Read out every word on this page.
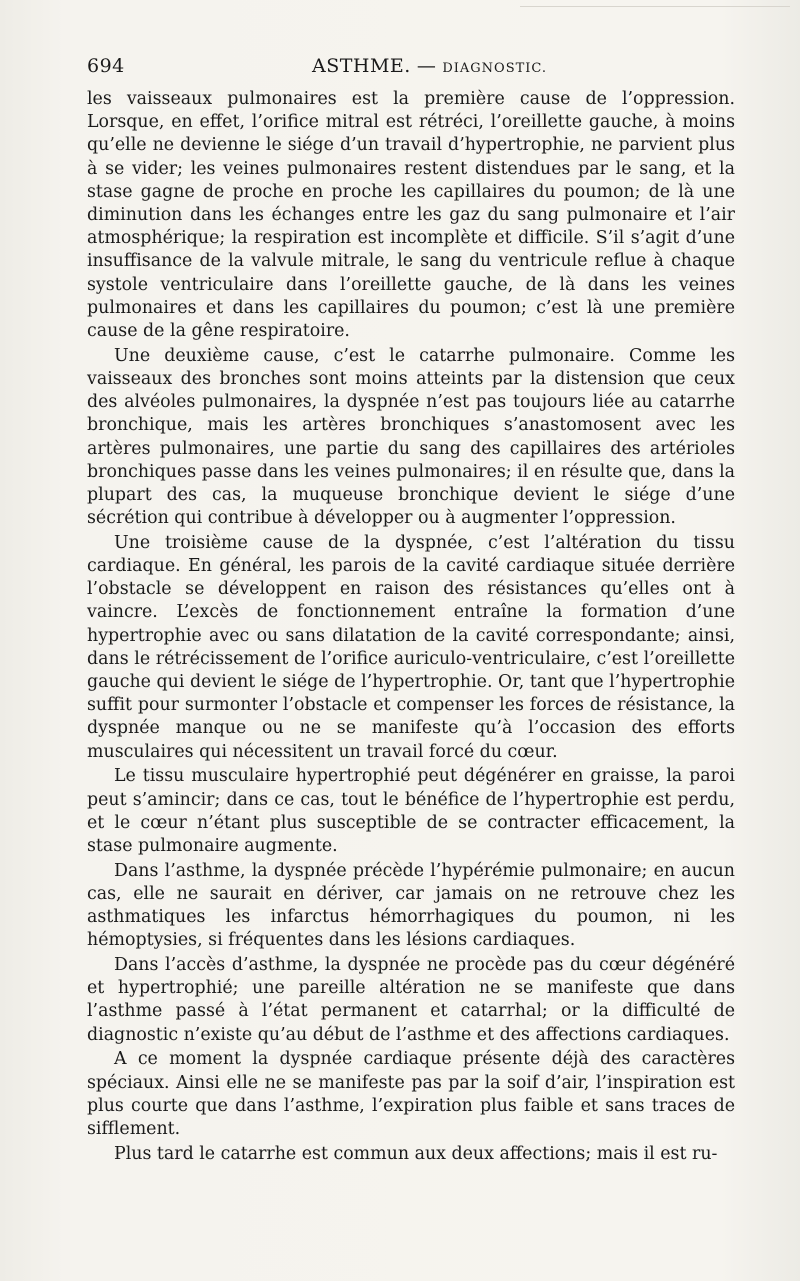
694	ASTHME. — DIAGNOSTIC.

les vaisseaux pulmonaires est la première cause de l’oppression. Lorsque, en effet, l’orifice mitral est rétréci, l’oreillette gauche, à moins qu’elle ne devienne le siége d’un travail d’hypertrophie, ne parvient plus à se vider; les veines pulmonaires restent distendues par le sang, et la stase gagne de proche en proche les capillaires du poumon; de là une diminution dans les échanges entre les gaz du sang pulmonaire et l’air atmosphérique; la respiration est incomplète et difficile. S’il s’agit d’une insuffisance de la valvule mitrale, le sang du ventricule reflue à chaque systole ventriculaire dans l’oreillette gauche, de là dans les veines pulmonaires et dans les capillaires du poumon; c’est là une première cause de la gêne respiratoire.

Une deuxième cause, c’est le catarrhe pulmonaire. Comme les vaisseaux des bronches sont moins atteints par la distension que ceux des alvéoles pulmonaires, la dyspnée n’est pas toujours liée au catarrhe bronchique, mais les artères bronchiques s’anastomosent avec les artères pulmonaires, une partie du sang des capillaires des artérioles bronchiques passe dans les veines pulmonaires; il en résulte que, dans la plupart des cas, la muqueuse bronchique devient le siége d’une sécrétion qui contribue à développer ou à augmenter l’oppression.

Une troisième cause de la dyspnée, c’est l’altération du tissu cardiaque. En général, les parois de la cavité cardiaque située derrière l’obstacle se développent en raison des résistances qu’elles ont à vaincre. L’excès de fonctionnement entraîne la formation d’une hypertrophie avec ou sans dilatation de la cavité correspondante; ainsi, dans le rétrécissement de l’orifice auriculo-ventriculaire, c’est l’oreillette gauche qui devient le siége de l’hypertrophie. Or, tant que l’hypertrophie suffit pour surmonter l’obstacle et compenser les forces de résistance, la dyspnée manque ou ne se manifeste qu’à l’occasion des efforts musculaires qui nécessitent un travail forcé du cœur.

Le tissu musculaire hypertrophié peut dégénérer en graisse, la paroi peut s’amincir; dans ce cas, tout le bénéfice de l’hypertrophie est perdu, et le cœur n’étant plus susceptible de se contracter efficacement, la stase pulmonaire augmente.

Dans l’asthme, la dyspnée précède l’hypérémie pulmonaire; en aucun cas, elle ne saurait en dériver, car jamais on ne retrouve chez les asthmatiques les infarctus hémorrhagiques du poumon, ni les hémoptysies, si fréquentes dans les lésions cardiaques.

Dans l’accès d’asthme, la dyspnée ne procède pas du cœur dégénéré et hypertrophié; une pareille altération ne se manifeste que dans l’asthme passé à l’état permanent et catarrhal; or la difficulté de diagnostic n’existe qu’au début de l’asthme et des affections cardiaques.

A ce moment la dyspnée cardiaque présente déjà des caractères spéciaux. Ainsi elle ne se manifeste pas par la soif d’air, l’inspiration est plus courte que dans l’asthme, l’expiration plus faible et sans traces de sifflement.

Plus tard le catarrhe est commun aux deux affections; mais il est ru-
